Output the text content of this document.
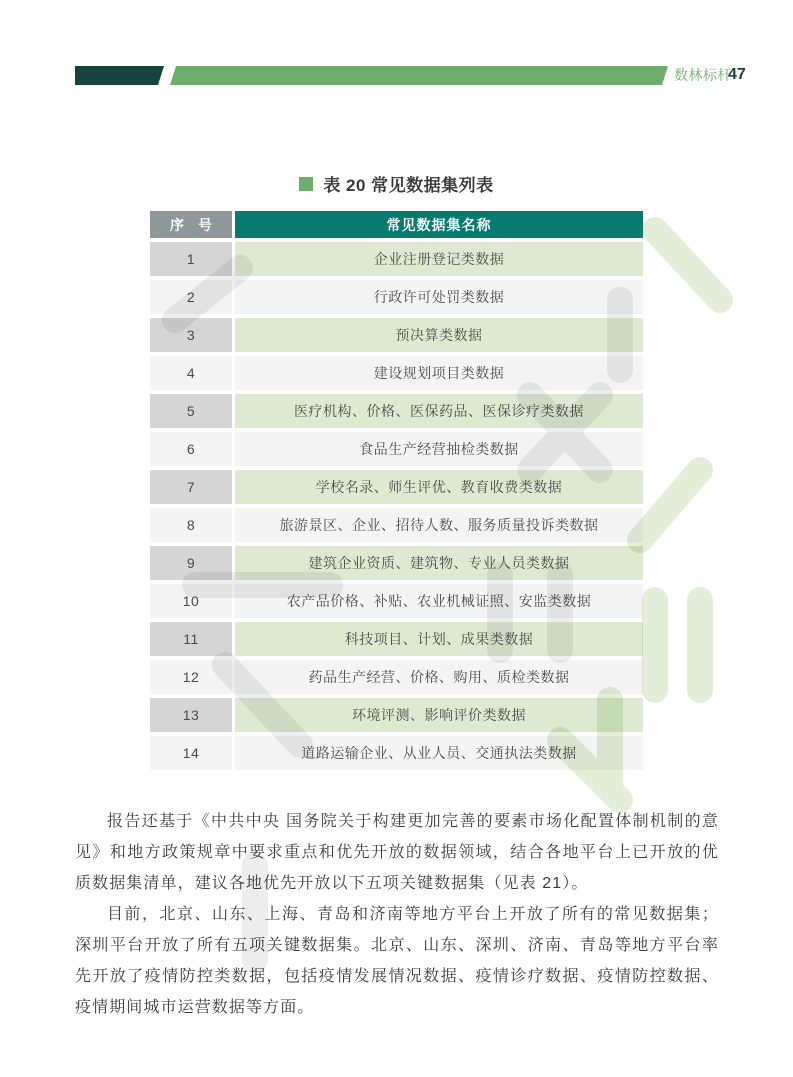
数林标杆
47
表 20 常见数据集列表
序　号	常见数据集名称
1	企业注册登记类数据
2	行政许可处罚类数据
3	预决算类数据
4	建设规划项目类数据
5	医疗机构、价格、医保药品、医保诊疗类数据
6	食品生产经营抽检类数据
7	学校名录、师生评优、教育收费类数据
8	旅游景区、企业、招待人数、服务质量投诉类数据
9	建筑企业资质、建筑物、专业人员类数据
10	农产品价格、补贴、农业机械证照、安监类数据
11	科技项目、计划、成果类数据
12	药品生产经营、价格、购用、质检类数据
13	环境评测、影响评价类数据
14	道路运输企业、从业人员、交通执法类数据

报告还基于《中共中央 国务院关于构建更加完善的要素市场化配置体制机制的意见》和地方政策规章中要求重点和优先开放的数据领域，结合各地平台上已开放的优质数据集清单，建议各地优先开放以下五项关键数据集（见表 21）。

目前，北京、山东、上海、青岛和济南等地方平台上开放了所有的常见数据集；深圳平台开放了所有五项关键数据集。北京、山东、深圳、济南、青岛等地方平台率先开放了疫情防控类数据，包括疫情发展情况数据、疫情诊疗数据、疫情防控数据、疫情期间城市运营数据等方面。
